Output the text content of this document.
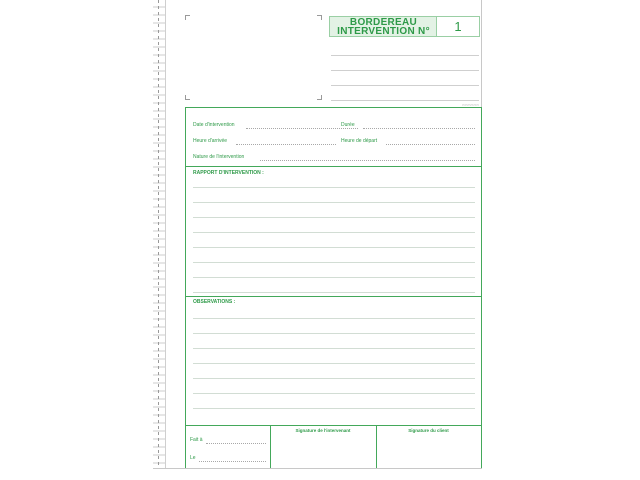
BORDEREAU
INTERVENTION N°	1
▭▭▭▭▭▭
Date d'intervention	Durée
Heure d'arrivée	Heure de départ
Nature de l'intervention
RAPPORT D'INTERVENTION :
OBSERVATIONS :
Fait à
Le
Signature de l'intervenant	Signature du client
